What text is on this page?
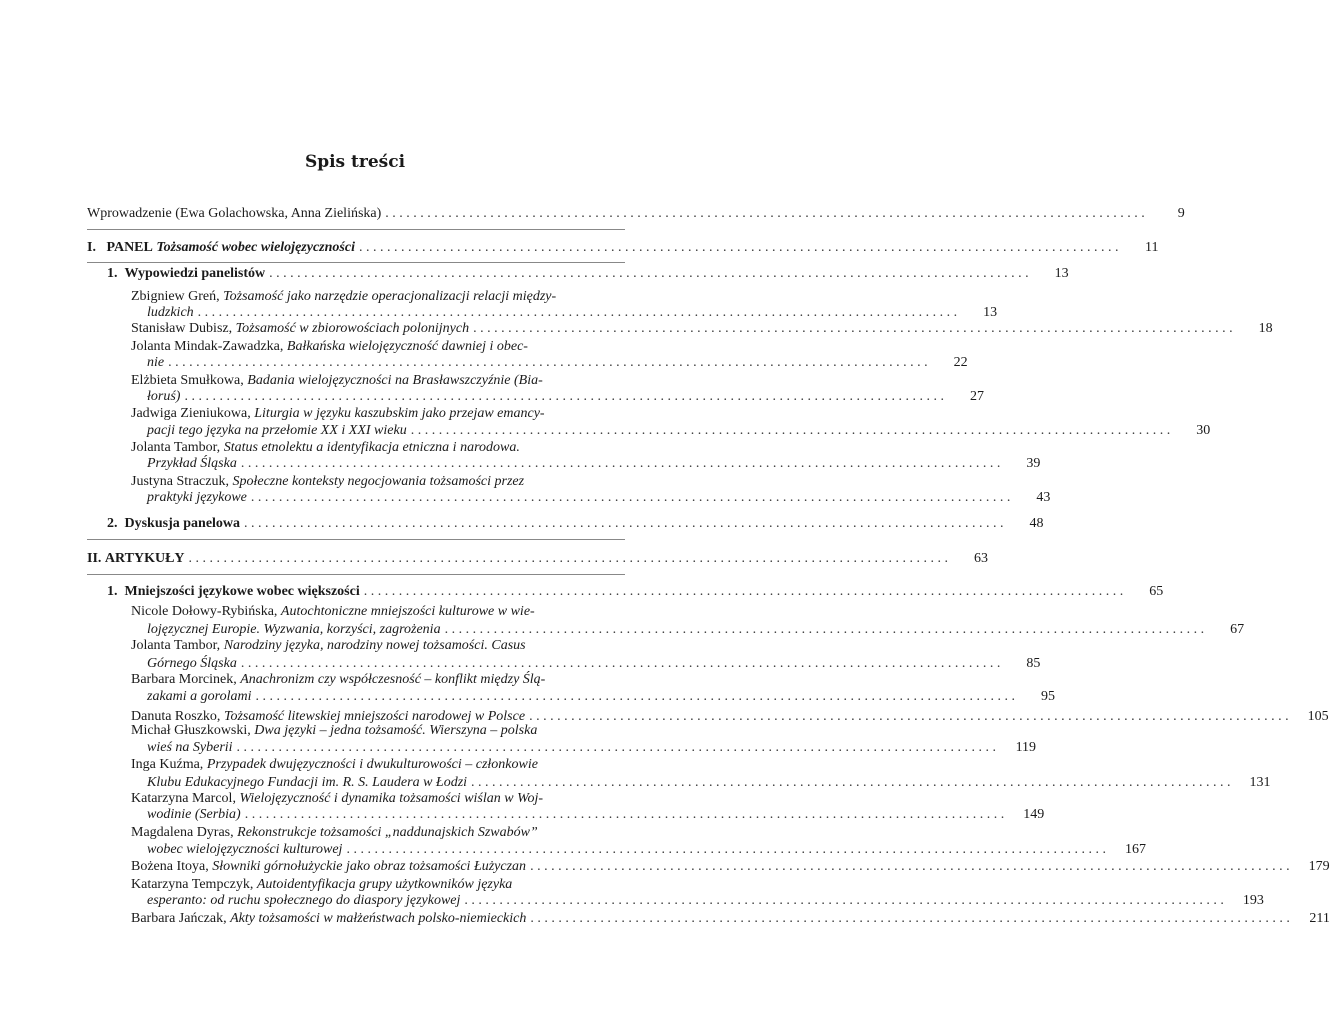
Spis treści
Wprowadzenie (Ewa Golachowska, Anna Zielińska) . . .	9
I. PANEL Tożsamość wobec wielojęzyczności . . .	11
1. Wypowiedzi panelistów . . .	13
Zbigniew Greń, Tożsamość jako narzędzie operacjonalizacji relacji między-
ludzkich . . .	13
Stanisław Dubisz, Tożsamość w zbiorowościach polonijnych . . .	18
Jolanta Mindak-Zawadzka, Bałkańska wielojęzyczność dawniej i obec-
nie . . .	22
Elżbieta Smułkowa, Badania wielojęzyczności na Brasławszczyźnie (Bia-
łoruś) . . .	27
Jadwiga Zieniukowa, Liturgia w języku kaszubskim jako przejaw emancy-
pacji tego języka na przełomie XX i XXI wieku . . .	30
Jolanta Tambor, Status etnolektu a identyfikacja etniczna i narodowa.
Przykład Śląska . . .	39
Justyna Straczuk, Społeczne konteksty negocjowania tożsamości przez
praktyki językowe . . .	43
2. Dyskusja panelowa . . .	48
II. ARTYKUŁY . . .	63
1. Mniejszości językowe wobec większości . . .	65
Nicole Dołowy-Rybińska, Autochtoniczne mniejszości kulturowe w wie-
lojęzycznej Europie. Wyzwania, korzyści, zagrożenia . . .	67
Jolanta Tambor, Narodziny języka, narodziny nowej tożsamości. Casus
Górnego Śląska . . .	85
Barbara Morcinek, Anachronizm czy współczesność – konflikt między Ślą-
zakami a gorolami . . .	95
Danuta Roszko, Tożsamość litewskiej mniejszości narodowej w Polsce . . .	105
Michał Głuszkowski, Dwa języki – jedna tożsamość. Wierszyna – polska
wieś na Syberii . . .	119
Inga Kuźma, Przypadek dwujęzyczności i dwukulturowości – członkowie
Klubu Edukacyjnego Fundacji im. R. S. Laudera w Łodzi . . .	131
Katarzyna Marcol, Wielojęzyczność i dynamika tożsamości wiślan w Woj-
wodinie (Serbia) . . .	149
Magdalena Dyras, Rekonstrukcje tożsamości „naddunajskich Szwabów”
wobec wielojęzyczności kulturowej . . .	167
Bożena Itoya, Słowniki górnołużyckie jako obraz tożsamości Łużyczan . . .	179
Katarzyna Tempczyk, Autoidentyfikacja grupy użytkowników języka
esperanto: od ruchu społecznego do diaspory językowej . . .	193
Barbara Jańczak, Akty tożsamości w małżeństwach polsko-niemieckich . . .	211
